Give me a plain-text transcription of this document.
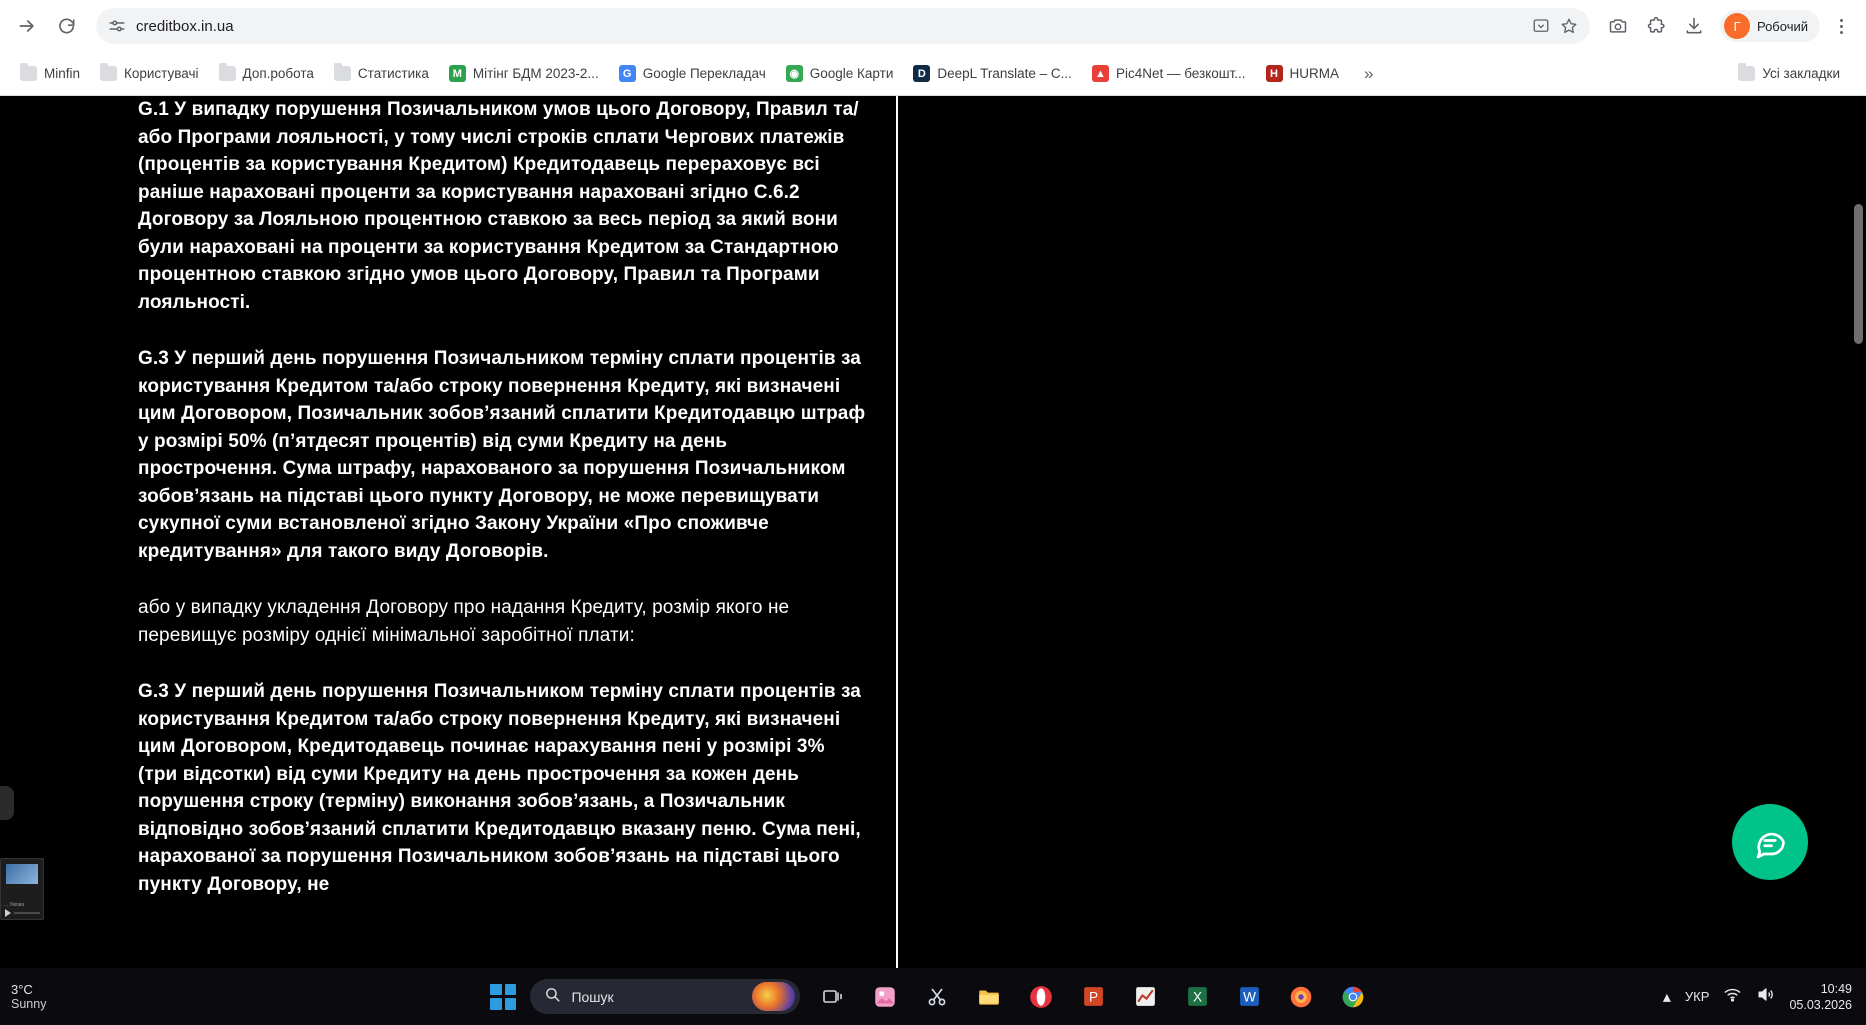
creditbox.in.ua	Г	Робочий
Minfin	Користувачі	Доп.робота	Статистика	M Мітінг БДМ 2023-2...	G Google Перекладач	◉ Google Карти	D DeepL Translate – C... ▲ Pic4Net — безкошт...	H HURMA	»	Усі закладки

G.1 У випадку порушення Позичальником умов цього Договору, Правил та/або Програми лояльності, у тому числі строків сплати Чергових платежів (процентів за користування Кредитом) Кредитодавець перераховує всі раніше нараховані проценти за користування нараховані згідно С.6.2 Договору за Лояльною процентною ставкою за весь період за який вони були нараховані на проценти за користування Кредитом за Стандартною процентною ставкою згідно умов цього Договору, Правил та Програми лояльності.

G.3 У перший день порушення Позичальником терміну сплати процентів за користування Кредитом та/або строку повернення Кредиту, які визначені цим Договором, Позичальник зобов’язаний сплатити Кредитодавцю штраф у розмірі 50% (п’ятдесят процентів) від суми Кредиту на день прострочення. Сума штрафу, нарахованого за порушення Позичальником зобов’язань на підставі цього пункту Договору, не може перевищувати сукупної суми встановленої згідно Закону України «Про споживче кредитування» для такого виду Договорів.

або у випадку укладення Договору про надання Кредиту, розмір якого не перевищує розміру однієї мінімальної заробітної плати:

G.3 У перший день порушення Позичальником терміну сплати процентів за користування Кредитом та/або строку повернення Кредиту, які визначені цим Договором, Кредитодавець починає нарахування пені у розмірі 3% (три відсотки) від суми Кредиту на день прострочення за кожен день порушення строку (терміну) виконання зобов’язань, а Позичальник відповідно зобов’язаний сплатити Кредитодавцю вказану пеню. Сума пені, нарахованої за порушення Позичальником зобов’язань на підставі цього пункту Договору, не

... Умова
3°C
Sunny	Пошук	P	X	W	▴ УКР
10:49
05.03.2026
